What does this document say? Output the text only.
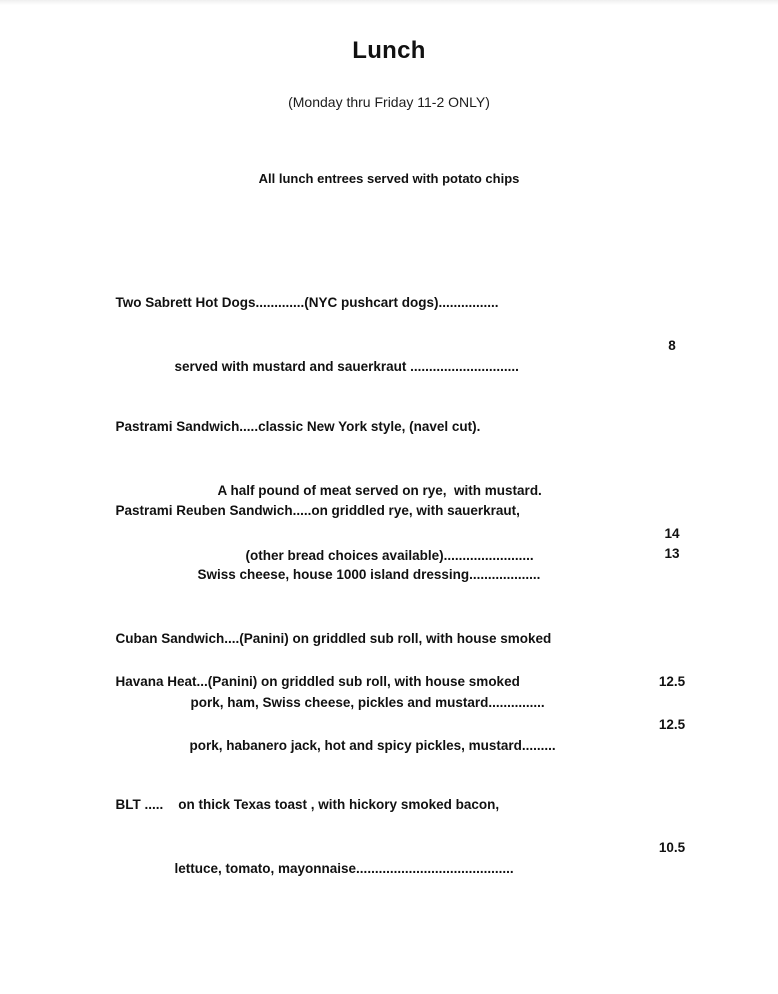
Lunch
(Monday thru Friday 11-2 ONLY)
All lunch entrees served with potato chips

Two Sabrett Hot Dogs.............(NYC pushcart dogs)................

served with mustard and sauerkraut .............................

8

Pastrami Sandwich.....classic New York style, (navel cut).

A half pound of meat served on rye,  with mustard.

(other bread choices available)........................

14

Pastrami Reuben Sandwich.....on griddled rye, with sauerkraut,

Swiss cheese, house 1000 island dressing...................

13

Cuban Sandwich....(Panini) on griddled sub roll, with house smoked

pork, ham, Swiss cheese, pickles and mustard...............

12.5

Havana Heat...(Panini) on griddled sub roll, with house smoked

pork, habanero jack, hot and spicy pickles, mustard.........

12.5

BLT .....    on thick Texas toast , with hickory smoked bacon,

lettuce, tomato, mayonnaise..........................................

10.5
